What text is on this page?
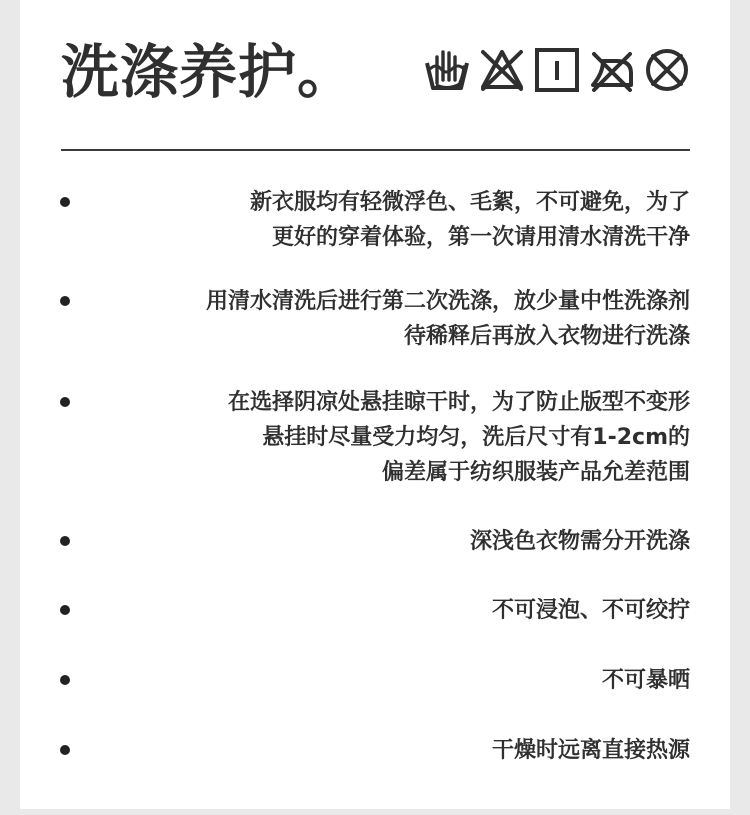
洗涤养护。
新衣服均有轻微浮色、毛絮，不可避免，为了
更好的穿着体验，第一次请用清水清洗干净
用清水清洗后进行第二次洗涤，放少量中性洗涤剂
待稀释后再放入衣物进行洗涤
在选择阴凉处悬挂晾干时，为了防止版型不变形
悬挂时尽量受力均匀，洗后尺寸有1-2cm的
偏差属于纺织服装产品允差范围
深浅色衣物需分开洗涤
不可浸泡、不可绞拧
不可暴晒
干燥时远离直接热源
